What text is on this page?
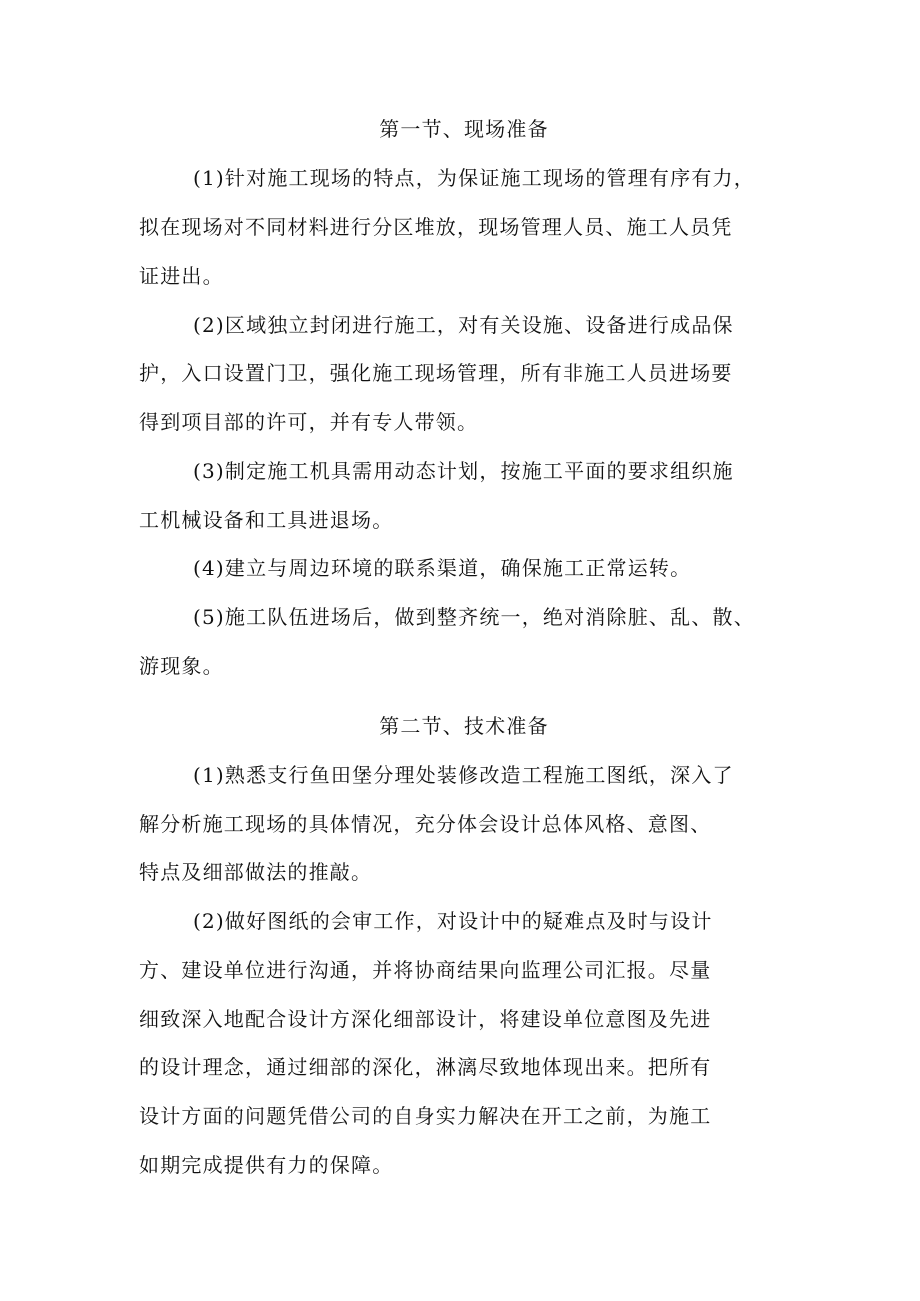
第一节、现场准备
(1)针对施工现场的特点，为保证施工现场的管理有序有力，
拟在现场对不同材料进行分区堆放，现场管理人员、施工人员凭
证进出。
(2)区域独立封闭进行施工，对有关设施、设备进行成品保
护，入口设置门卫，强化施工现场管理，所有非施工人员进场要
得到项目部的许可，并有专人带领。
(3)制定施工机具需用动态计划，按施工平面的要求组织施
工机械设备和工具进退场。
(4)建立与周边环境的联系渠道，确保施工正常运转。
(5)施工队伍进场后，做到整齐统一，绝对消除脏、乱、散、
游现象。
第二节、技术准备
(1)熟悉支行鱼田堡分理处装修改造工程施工图纸，深入了
解分析施工现场的具体情况，充分体会设计总体风格、意图、
特点及细部做法的推敲。
(2)做好图纸的会审工作，对设计中的疑难点及时与设计
方、建设单位进行沟通，并将协商结果向监理公司汇报。尽量
细致深入地配合设计方深化细部设计，将建设单位意图及先进
的设计理念，通过细部的深化，淋漓尽致地体现出来。把所有
设计方面的问题凭借公司的自身实力解决在开工之前，为施工
如期完成提供有力的保障。
